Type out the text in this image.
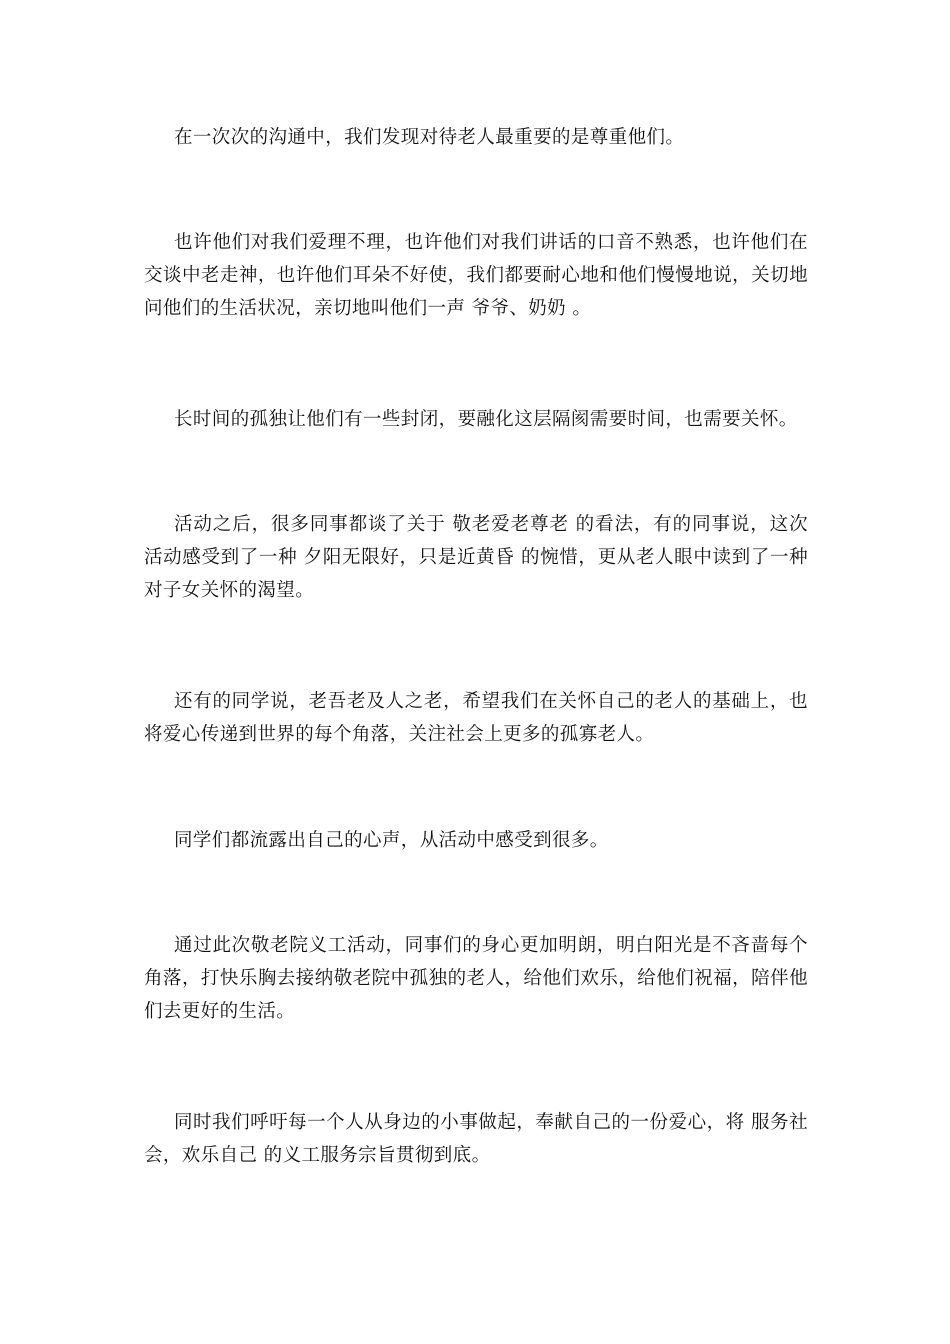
在一次次的沟通中，我们发现对待老人最重要的是尊重他们。

也许他们对我们爱理不理，也许他们对我们讲话的口音不熟悉，也许他们在交谈中老走神，也许他们耳朵不好使，我们都要耐心地和他们慢慢地说，关切地问他们的生活状况，亲切地叫他们一声 爷爷、奶奶 。

长时间的孤独让他们有一些封闭，要融化这层隔阂需要时间，也需要关怀。

活动之后，很多同事都谈了关于 敬老爱老尊老 的看法，有的同事说，这次活动感受到了一种 夕阳无限好，只是近黄昏 的惋惜，更从老人眼中读到了一种对子女关怀的渴望。

还有的同学说，老吾老及人之老，希望我们在关怀自己的老人的基础上，也将爱心传递到世界的每个角落，关注社会上更多的孤寡老人。

同学们都流露出自己的心声，从活动中感受到很多。

通过此次敬老院义工活动，同事们的身心更加明朗，明白阳光是不吝啬每个角落，打快乐胸去接纳敬老院中孤独的老人，给他们欢乐，给他们祝福，陪伴他们去更好的生活。

同时我们呼吁每一个人从身边的小事做起，奉献自己的一份爱心，将 服务社会，欢乐自己 的义工服务宗旨贯彻到底。
